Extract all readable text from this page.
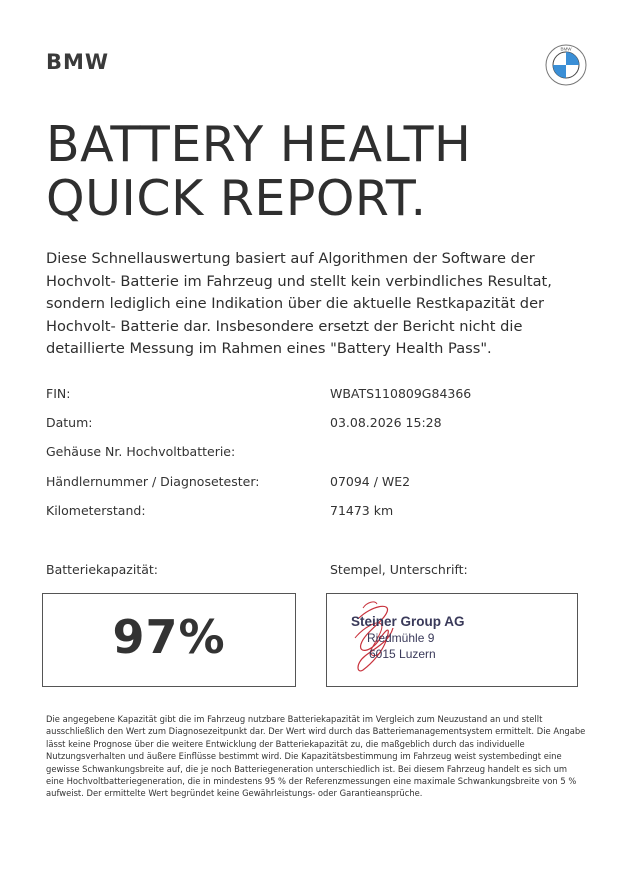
BMW
BMW
BATTERY HEALTH
QUICK REPORT.

Diese Schnellauswertung basiert auf Algorithmen der Software der Hochvolt- Batterie im Fahrzeug und stellt kein verbindliches Resultat, sondern lediglich eine Indikation über die aktuelle Restkapazität der Hochvolt- Batterie dar. Insbesondere ersetzt der Bericht nicht die detaillierte Messung im Rahmen eines "Battery Health Pass".

FIN:	WBATS110809G84366
Datum:	03.08.2026 15:28
Gehäuse Nr. Hochvoltbatterie:
Händlernummer / Diagnosetester:	07094 / WE2
Kilometerstand:	71473 km
Batteriekapazität:	Stempel, Unterschrift:
97%	Steiner Group AG
Riedmühle 9
6015 Luzern

Die angegebene Kapazität gibt die im Fahrzeug nutzbare Batteriekapazität im Vergleich zum Neuzustand an und stellt ausschließlich den Wert zum Diagnosezeitpunkt dar. Der Wert wird durch das Batteriemanagementsystem ermittelt. Die Angabe lässt keine Prognose über die weitere Entwicklung der Batteriekapazität zu, die maßgeblich durch das individuelle Nutzungsverhalten und äußere Einflüsse bestimmt wird. Die Kapazitätsbestimmung im Fahrzeug weist systembedingt eine gewisse Schwankungsbreite auf, die je noch Batteriegeneration unterschiedlich ist. Bei diesem Fahrzeug handelt es sich um eine Hochvoltbatteriegeneration, die in mindestens 95 % der Referenzmessungen eine maximale Schwankungsbreite von 5 % aufweist. Der ermittelte Wert begründet keine Gewährleistungs- oder Garantieansprüche.
